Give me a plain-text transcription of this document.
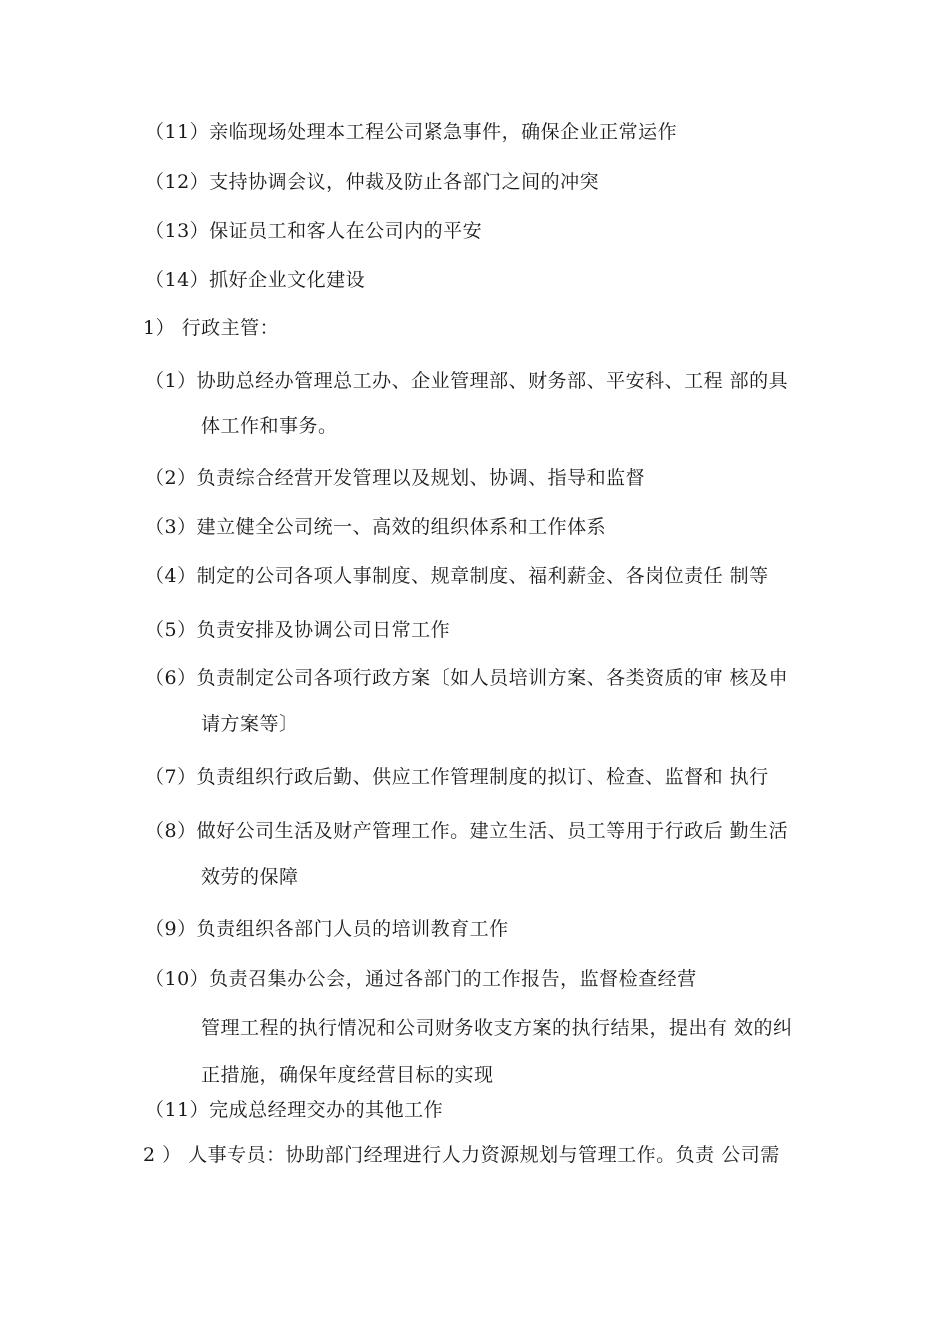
（11）亲临现场处理本工程公司紧急事件，确保企业正常运作
（12）支持协调会议，仲裁及防止各部门之间的冲突
（13）保证员工和客人在公司内的平安
（14）抓好企业文化建设
1） 行政主管：
（1）协助总经办管理总工办、企业管理部、财务部、平安科、工程 部的具
体工作和事务。
（2）负责综合经营开发管理以及规划、协调、指导和监督
（3）建立健全公司统一、高效的组织体系和工作体系
（4）制定的公司各项人事制度、规章制度、福利薪金、各岗位责任 制等
（5）负责安排及协调公司日常工作
（6）负责制定公司各项行政方案〔如人员培训方案、各类资质的审 核及申
请方案等〕
（7）负责组织行政后勤、供应工作管理制度的拟订、检查、监督和 执行
（8）做好公司生活及财产管理工作。建立生活、员工等用于行政后 勤生活
效劳的保障
（9）负责组织各部门人员的培训教育工作
（10）负责召集办公会，通过各部门的工作报告，监督检查经营
管理工程的执行情况和公司财务收支方案的执行结果，提出有 效的纠
正措施，确保年度经营目标的实现
（11）完成总经理交办的其他工作
2 ） 人事专员：协助部门经理进行人力资源规划与管理工作。负责 公司需
